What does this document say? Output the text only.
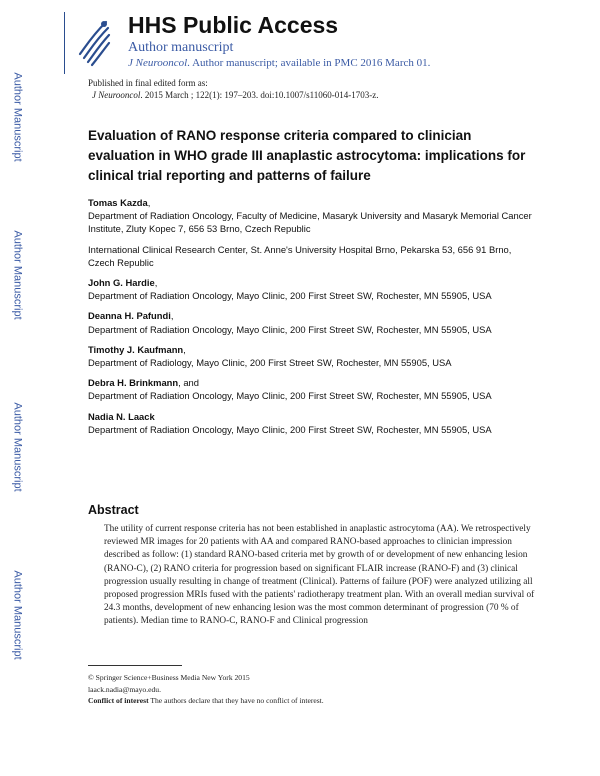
Author Manuscript
Author Manuscript
Author Manuscript
Author Manuscript
HHS Public Access
Author manuscript
J Neurooncol. Author manuscript; available in PMC 2016 March 01.
Published in final edited form as:
J Neurooncol. 2015 March ; 122(1): 197–203. doi:10.1007/s11060-014-1703-z.
Evaluation of RANO response criteria compared to clinician evaluation in WHO grade III anaplastic astrocytoma: implications for clinical trial reporting and patterns of failure
Tomas Kazda,
Department of Radiation Oncology, Faculty of Medicine, Masaryk University and Masaryk Memorial Cancer Institute, Zluty Kopec 7, 656 53 Brno, Czech Republic
International Clinical Research Center, St. Anne's University Hospital Brno, Pekarska 53, 656 91 Brno, Czech Republic
John G. Hardie,
Department of Radiation Oncology, Mayo Clinic, 200 First Street SW, Rochester, MN 55905, USA
Deanna H. Pafundi,
Department of Radiation Oncology, Mayo Clinic, 200 First Street SW, Rochester, MN 55905, USA
Timothy J. Kaufmann,
Department of Radiology, Mayo Clinic, 200 First Street SW, Rochester, MN 55905, USA
Debra H. Brinkmann, and
Department of Radiation Oncology, Mayo Clinic, 200 First Street SW, Rochester, MN 55905, USA
Nadia N. Laack
Department of Radiation Oncology, Mayo Clinic, 200 First Street SW, Rochester, MN 55905, USA
Abstract
The utility of current response criteria has not been established in anaplastic astrocytoma (AA). We retrospectively reviewed MR images for 20 patients with AA and compared RANO-based approaches to clinician impression described as follow: (1) standard RANO-based criteria met by growth of or development of new enhancing lesion (RANO-C), (2) RANO criteria for progression based on significant FLAIR increase (RANO-F) and (3) clinical progression usually resulting in change of treatment (Clinical). Patterns of failure (POF) were analyzed utilizing all proposed progression MRIs fused with the patients' radiotherapy treatment plan. With an overall median survival of 24.3 months, development of new enhancing lesion was the most common determinant of progression (70 % of patients). Median time to RANO-C, RANO-F and Clinical progression
© Springer Science+Business Media New York 2015
laack.nadia@mayo.edu.
Conflict of interest The authors declare that they have no conflict of interest.
